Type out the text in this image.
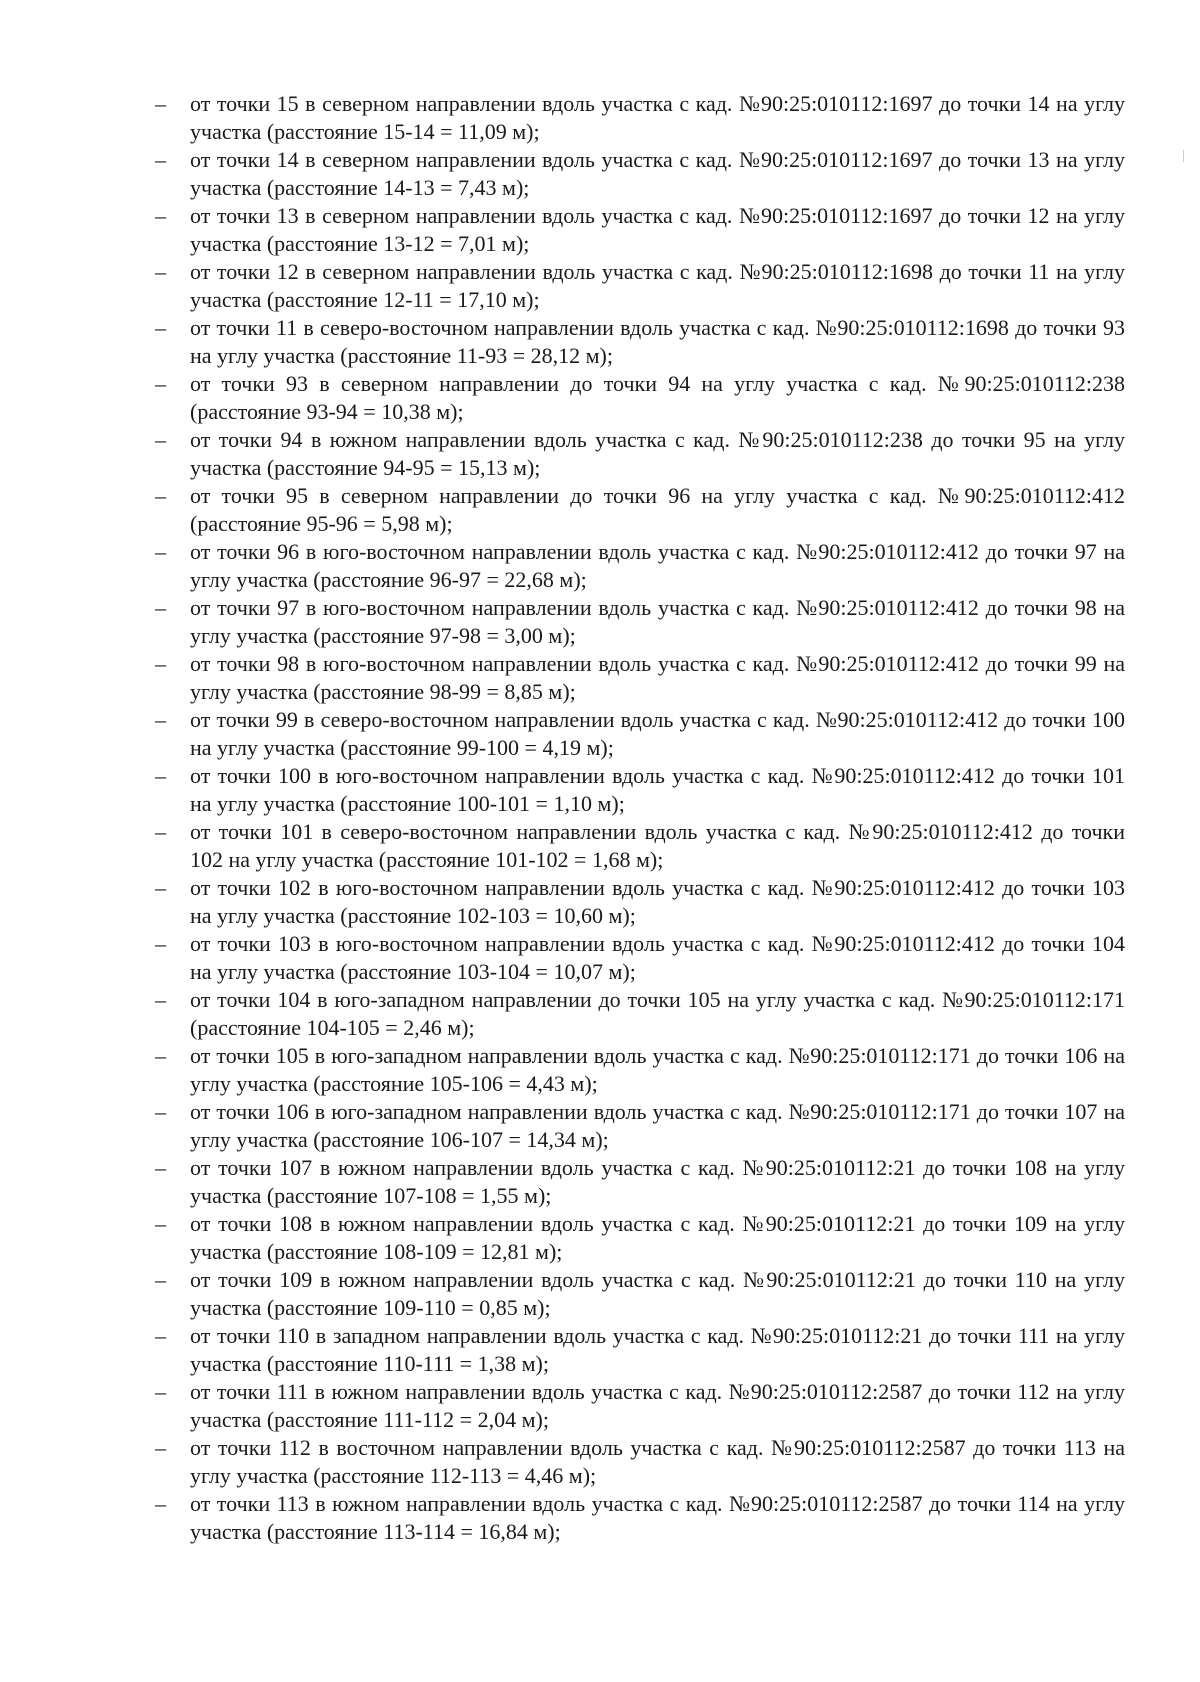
–	от точки 15 в северном направлении вдоль участка с кад. №90:25:010112:1697 до точки 14 на углу участка (расстояние 15-14 = 11,09 м);
–	от точки 14 в северном направлении вдоль участка с кад. №90:25:010112:1697 до точки 13 на углу участка (расстояние 14-13 = 7,43 м);
–	от точки 13 в северном направлении вдоль участка с кад. №90:25:010112:1697 до точки 12 на углу участка (расстояние 13-12 = 7,01 м);
–	от точки 12 в северном направлении вдоль участка с кад. №90:25:010112:1698 до точки 11 на углу участка (расстояние 12-11 = 17,10 м);
–	от точки 11 в северо-восточном направлении вдоль участка с кад. №90:25:010112:1698 до точки 93 на углу участка (расстояние 11-93 = 28,12 м);
–	от точки 93 в северном направлении до точки 94 на углу участка с кад. №90:25:010112:238 (расстояние 93-94 = 10,38 м);
–	от точки 94 в южном направлении вдоль участка с кад. №90:25:010112:238 до точки 95 на углу участка (расстояние 94-95 = 15,13 м);
–	от точки 95 в северном направлении до точки 96 на углу участка с кад. №90:25:010112:412 (расстояние 95-96 = 5,98 м);
–	от точки 96 в юго-восточном направлении вдоль участка с кад. №90:25:010112:412 до точки 97 на углу участка (расстояние 96-97 = 22,68 м);
–	от точки 97 в юго-восточном направлении вдоль участка с кад. №90:25:010112:412 до точки 98 на углу участка (расстояние 97-98 = 3,00 м);
–	от точки 98 в юго-восточном направлении вдоль участка с кад. №90:25:010112:412 до точки 99 на углу участка (расстояние 98-99 = 8,85 м);
–	от точки 99 в северо-восточном направлении вдоль участка с кад. №90:25:010112:412 до точки 100 на углу участка (расстояние 99-100 = 4,19 м);
–	от точки 100 в юго-восточном направлении вдоль участка с кад. №90:25:010112:412 до точки 101 на углу участка (расстояние 100-101 = 1,10 м);
–	от точки 101 в северо-восточном направлении вдоль участка с кад. №90:25:010112:412 до точки 102 на углу участка (расстояние 101-102 = 1,68 м);
–	от точки 102 в юго-восточном направлении вдоль участка с кад. №90:25:010112:412 до точки 103 на углу участка (расстояние 102-103 = 10,60 м);
–	от точки 103 в юго-восточном направлении вдоль участка с кад. №90:25:010112:412 до точки 104 на углу участка (расстояние 103-104 = 10,07 м);
–	от точки 104 в юго-западном направлении до точки 105 на углу участка с кад. №90:25:010112:171 (расстояние 104-105 = 2,46 м);
–	от точки 105 в юго-западном направлении вдоль участка с кад. №90:25:010112:171 до точки 106 на углу участка (расстояние 105-106 = 4,43 м);
–	от точки 106 в юго-западном направлении вдоль участка с кад. №90:25:010112:171 до точки 107 на углу участка (расстояние 106-107 = 14,34 м);
–	от точки 107 в южном направлении вдоль участка с кад. №90:25:010112:21 до точки 108 на углу участка (расстояние 107-108 = 1,55 м);
–	от точки 108 в южном направлении вдоль участка с кад. №90:25:010112:21 до точки 109 на углу участка (расстояние 108-109 = 12,81 м);
–	от точки 109 в южном направлении вдоль участка с кад. №90:25:010112:21 до точки 110 на углу участка (расстояние 109-110 = 0,85 м);
–	от точки 110 в западном направлении вдоль участка с кад. №90:25:010112:21 до точки 111 на углу участка (расстояние 110-111 = 1,38 м);
–	от точки 111 в южном направлении вдоль участка с кад. №90:25:010112:2587 до точки 112 на углу участка (расстояние 111-112 = 2,04 м);
–	от точки 112 в восточном направлении вдоль участка с кад. №90:25:010112:2587 до точки 113 на углу участка (расстояние 112-113 = 4,46 м);
–	от точки 113 в южном направлении вдоль участка с кад. №90:25:010112:2587 до точки 114 на углу участка (расстояние 113-114 = 16,84 м);
